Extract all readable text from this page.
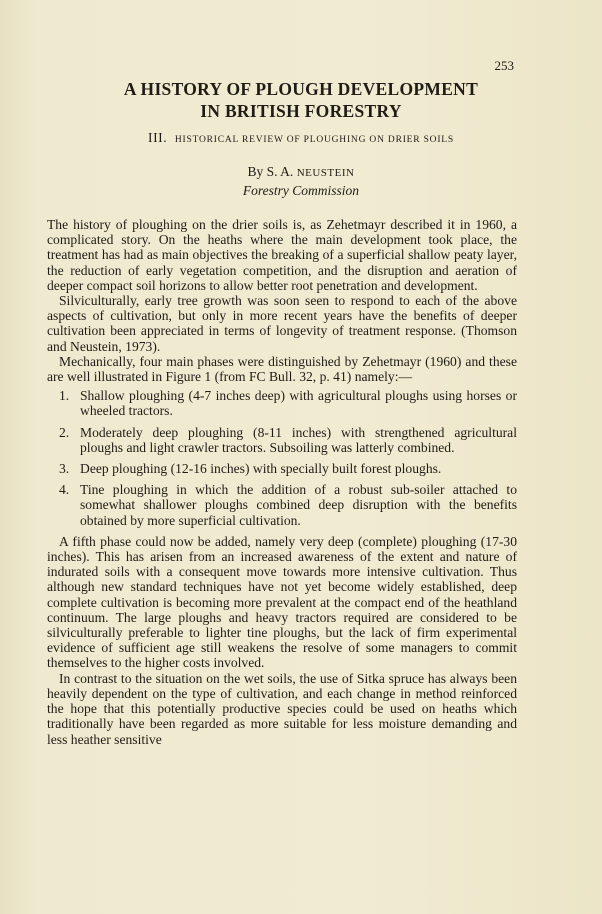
253
A HISTORY OF PLOUGH DEVELOPMENT
IN BRITISH FORESTRY
III. HISTORICAL REVIEW OF PLOUGHING ON DRIER SOILS
By S. A. NEUSTEIN
Forestry Commission

The history of ploughing on the drier soils is, as Zehetmayr described it in 1960, a complicated story. On the heaths where the main development took place, the treatment has had as main objectives the breaking of a superficial shallow peaty layer, the reduction of early vegetation competition, and the disruption and aeration of deeper compact soil horizons to allow better root penetration and development.

Silviculturally, early tree growth was soon seen to respond to each of the above aspects of cultivation, but only in more recent years have the benefits of deeper cultivation been appreciated in terms of longevity of treatment response. (Thomson and Neustein, 1973).

Mechanically, four main phases were distinguished by Zehetmayr (1960) and these are well illustrated in Figure 1 (from FC Bull. 32, p. 41) namely:—

1. Shallow ploughing (4-7 inches deep) with agricultural ploughs using horses or wheeled tractors.
2. Moderately deep ploughing (8-11 inches) with strengthened agricultural ploughs and light crawler tractors. Subsoiling was latterly combined.
3. Deep ploughing (12-16 inches) with specially built forest ploughs.
4. Tine ploughing in which the addition of a robust sub-soiler attached to somewhat shallower ploughs combined deep disruption with the benefits obtained by more superficial cultivation.

A fifth phase could now be added, namely very deep (complete) ploughing (17-30 inches). This has arisen from an increased awareness of the extent and nature of indurated soils with a consequent move towards more intensive cultivation. Thus although new standard techniques have not yet become widely established, deep complete cultivation is becoming more prevalent at the compact end of the heathland continuum. The large ploughs and heavy tractors required are considered to be silviculturally preferable to lighter tine ploughs, but the lack of firm experimental evidence of sufficient age still weakens the resolve of some managers to commit themselves to the higher costs involved.

In contrast to the situation on the wet soils, the use of Sitka spruce has always been heavily dependent on the type of cultivation, and each change in method reinforced the hope that this potentially productive species could be used on heaths which traditionally have been regarded as more suitable for less moisture demanding and less heather sensitive
